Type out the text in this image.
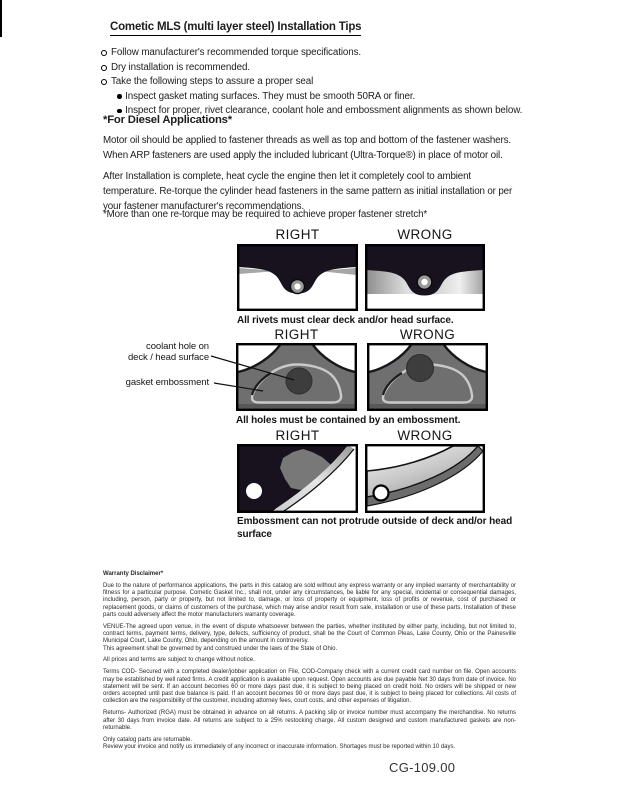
Cometic MLS (multi layer steel) Installation Tips
Follow manufacturer's recommended torque specifications.
Dry installation is recommended.
Take the following steps to assure a proper seal
Inspect gasket mating surfaces. They must be smooth 50RA or finer.
Inspect for proper, rivet clearance, coolant hole and embossment alignments as shown below.
*For Diesel Applications*

Motor oil should be applied to fastener threads as well as top and bottom of the fastener washers. When ARP fasteners are used apply the included lubricant (Ultra-Torque®) in place of motor oil.

After Installation is complete, heat cycle the engine then let it completely cool to ambient temperature. Re-torque the cylinder head fasteners in the same pattern as initial installation or per your fastener manufacturer's recommendations.

*More than one re-torque may be required to achieve proper fastener stretch*

RIGHT	WRONG
All rivets must clear deck and/or head surface.
coolant hole on
deck / head surface
gasket embossment
RIGHT	WRONG
All holes must be contained by an embossment.
RIGHT	WRONG
Embossment can not protrude outside of deck and/or head surface

Warranty Disclaimer*

Due to the nature of performance applications, the parts in this catalog are sold without any express warranty or any implied warranty of merchantability or fitness for a particular purpose. Cometic Gasket Inc., shall not, under any circumstances, be liable for any special, incidental or consequential damages, including, person, party or property, but not limited to, damage, or loss of property or equipment, loss of profits or revenue, cost of purchased or replacement goods, or claims of customers of the purchase, which may arise and/or result from sale, installation or use of these parts. Installation of these parts could adversely affect the motor manufacturers warranty coverage.

VENUE-The agreed upon venue, in the event of dispute whatsoever between the parties, whether instituted by either party, including, but not limited to, contract terms, payment terms, delivery, type, defects, sufficiency of product, shall be the Court of Common Pleas, Lake County, Ohio or the Painesville Municipal Court, Lake County, Ohio, depending on the amount in controversy.

This agreement shall be governed by and construed under the laws of the State of Ohio.

All prices and terms are subject to change without notice.

Terms COD- Secured with a completed dealer/jobber application on File, COD-Company check with a current credit card number on file. Open accounts may be established by well rated firms. A credit application is available upon request. Open accounts are due payable Net 30 days from date of invoice. No statement will be sent. If an account becomes 60 or more days past due, it is subject to being placed on credit hold. No orders will be shipped or new orders accepted until past due balance is paid. If an account becomes 90 or more days past due, it is subject to being placed for collections. All costs of collection are the responsibility of the customer, including attorney fees, court costs, and other expenses of litigation.

Returns- Authorized (RGA) must be obtained in advance on all returns. A packing slip or invoice number must accompany the merchandise. No returns after 30 days from invoice date. All returns are subject to a 25% restocking charge. All custom designed and custom manufactured gaskets are non-returnable.

Only catalog parts are returnable.

Review your invoice and notify us immediately of any incorrect or inaccurate information. Shortages must be reported within 10 days.

CG-109.00
